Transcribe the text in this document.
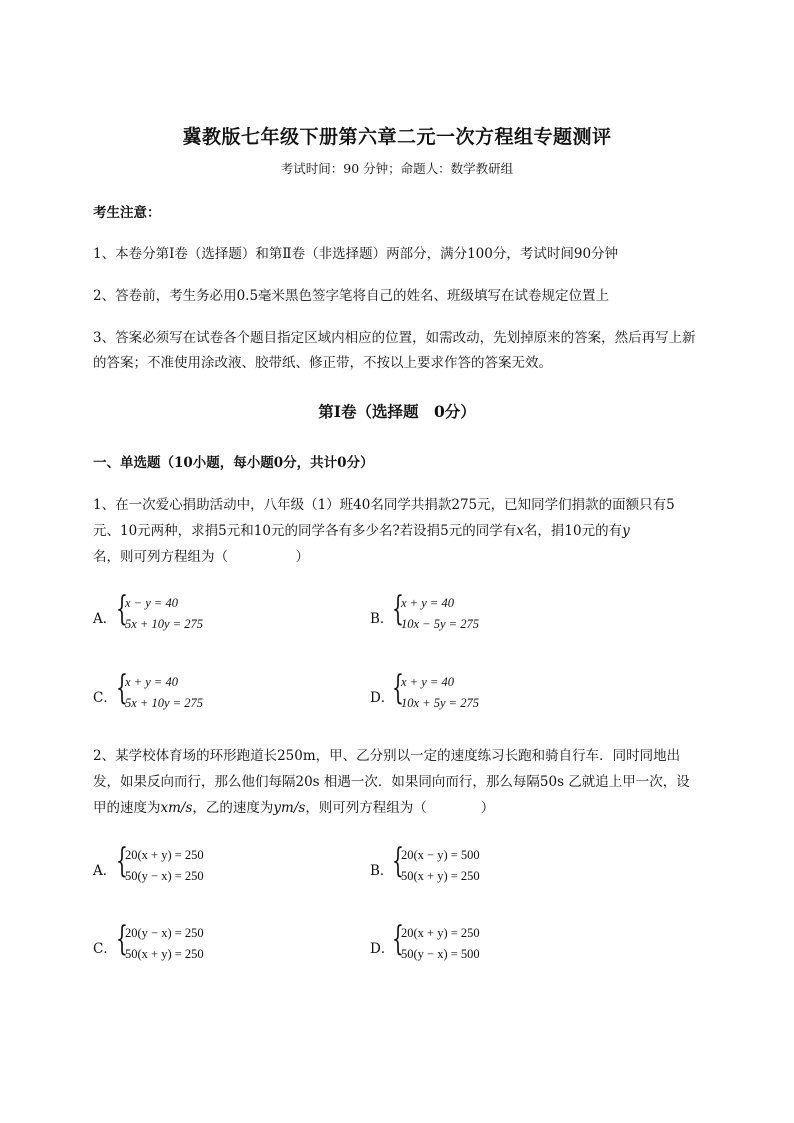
冀教版七年级下册第六章二元一次方程组专题测评
考试时间：90 分钟；命题人：数学教研组
考生注意：
1、本卷分第I卷（选择题）和第Ⅱ卷（非选择题）两部分，满分100分，考试时间90分钟
2、答卷前，考生务必用0.5毫米黑色签字笔将自己的姓名、班级填写在试卷规定位置上
3、答案必须写在试卷各个题目指定区域内相应的位置，如需改动，先划掉原来的答案，然后再写上新
的答案；不准使用涂改液、胶带纸、修正带，不按以上要求作答的答案无效。
第I卷（选择题　0分）
一、单选题（10小题，每小题0分，共计0分）
1、在一次爱心捐助活动中，八年级（1）班40名同学共捐款275元，已知同学们捐款的面额只有5
元、10元两种，求捐5元和10元的同学各有多少名?若设捐5元的同学有x名，捐10元的有y
名，则可列方程组为（　　　　　）
A． {
x − y = 40
5x + 10y = 275	B．
{
x + y = 40
10x − 5y = 275
C． {
x + y = 40
5x + 10y = 275	D．
{
x + y = 40
10x + 5y = 275
2、某学校体育场的环形跑道长250m，甲、乙分别以一定的速度练习长跑和骑自行车．同时同地出
发，如果反向而行，那么他们每隔20s 相遇一次．如果同向而行，那么每隔50s 乙就追上甲一次，设
甲的速度为xm/s，乙的速度为ym/s，则可列方程组为（　　　　）
A． {
20(x + y) = 250
50(y − x) = 250	B．
{
20(x − y) = 500
50(x + y) = 250
C． {
20(y − x) = 250
50(x + y) = 250	D．
{
20(x + y) = 250
50(y − x) = 500
